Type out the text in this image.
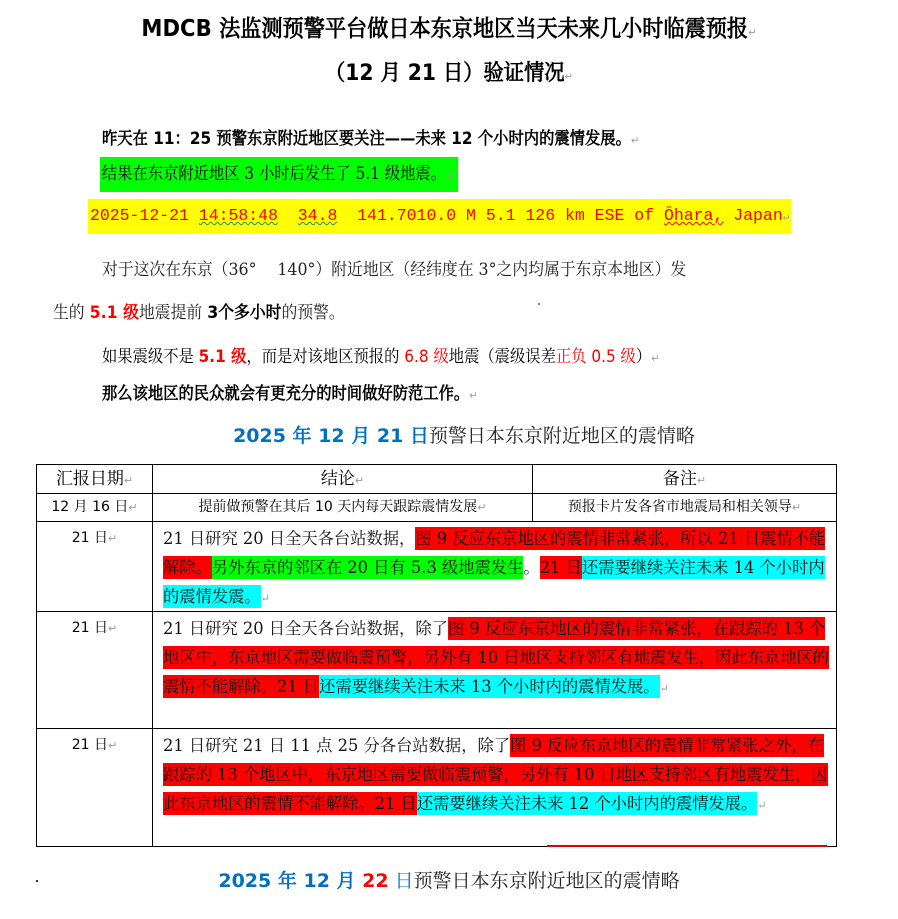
MDCB 法监测预警平台做日本东京地区当天未来几小时临震预报↵
（12 月 21 日）验证情况↵
昨天在 11：25 预警东京附近地区要关注——未来 12 个小时内的震情发展。↵
结果在东京附近地区 3 小时后发生了 5.1 级地震。↵
2025-12-21 14:58:48 34.8 141.7010.0 M 5.1 126 km ESE of Ōhara, Japan↵
对于这次在东京（36°　 140°）附近地区（经纬度在 3°之内均属于东京本地区）发
生的 5.1 级地震提前 3个多小时的预警。
如果震级不是 5.1 级，而是对该地区预报的 6.8 级地震（震级误差正负 0.5 级）↵
那么该地区的民众就会有更充分的时间做好防范工作。↵
2025 年 12 月 21 日预警日本东京附近地区的震情略
汇报日期↵	结论↵	备注↵
12 月 16 日↵	提前做预警在其后 10 天内每天跟踪震情发展↵	预报卡片发各省市地震局和相关领导↵
21 日↵	21 日研究 20 日全天各台站数据，图 9 反应东京地区的震情非常紧张，所以 21 日震情不能解除。另外东京的邻区在 20 日有 5.3 级地震发生。21 日还需要继续关注未来 14 个小时内的震情发震。↵
21 日↵	21 日研究 20 日全天各台站数据，除了图 9 反应东京地区的震情非常紧张，在跟踪的 13 个地区中，东京地区需要做临震预警，另外有 10 日地区支持邻区有地震发生，因此东京地区的震情不能解除。21 日还需要继续关注未来 13 个小时内的震情发展。↵
21 日↵	21 日研究 21 日 11 点 25 分各台站数据，除了图 9 反应东京地区的震情非常紧张之外，在跟踪的 13 个地区中，东京地区需要做临震预警，另外有 10 日地区支持邻区有地震发生，因此东京地区的震情不能解除。21 日还需要继续关注未来 12 个小时内的震情发展。↵
2025 年 12 月 22 日预警日本东京附近地区的震情略
